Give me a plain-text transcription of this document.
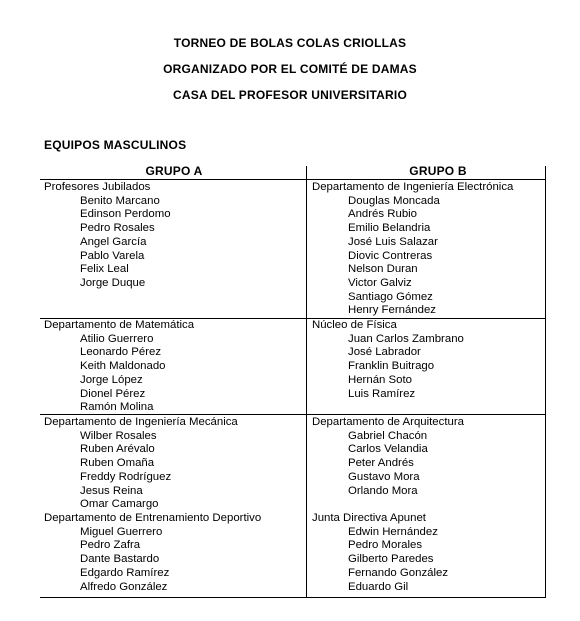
TORNEO DE BOLAS COLAS CRIOLLAS
ORGANIZADO POR EL COMITÉ DE DAMAS
CASA DEL PROFESOR UNIVERSITARIO
EQUIPOS MASCULINOS
GRUPO A	GRUPO B
Profesores Jubilados
Benito Marcano
Edinson Perdomo
Pedro Rosales
Angel García
Pablo Varela
Felix Leal
Jorge Duque
Departamento de Matemática
Atilio Guerrero
Leonardo Pérez
Keith Maldonado
Jorge López
Dionel Pérez
Ramón Molina
Departamento de Ingeniería Mecánica
Wilber Rosales
Ruben Arévalo
Ruben Omaña
Freddy Rodríguez
Jesus Reina
Omar Camargo
Departamento de Entrenamiento Deportivo
Miguel Guerrero
Pedro Zafra
Dante Bastardo
Edgardo Ramírez
Alfredo González
Departamento de Ingeniería Electrónica
Douglas Moncada
Andrés Rubio
Emilio Belandria
José Luis Salazar
Diovic Contreras
Nelson Duran
Victor Galviz
Santiago Gómez
Henry Fernández
Núcleo de Física
Juan Carlos Zambrano
José Labrador
Franklin Buitrago
Hernán Soto
Luis Ramírez
Departamento de Arquitectura
Gabriel Chacón
Carlos Velandia
Peter Andrés
Gustavo Mora
Orlando Mora
Junta Directiva Apunet
Edwin Hernández
Pedro Morales
Gilberto Paredes
Fernando González
Eduardo Gil
